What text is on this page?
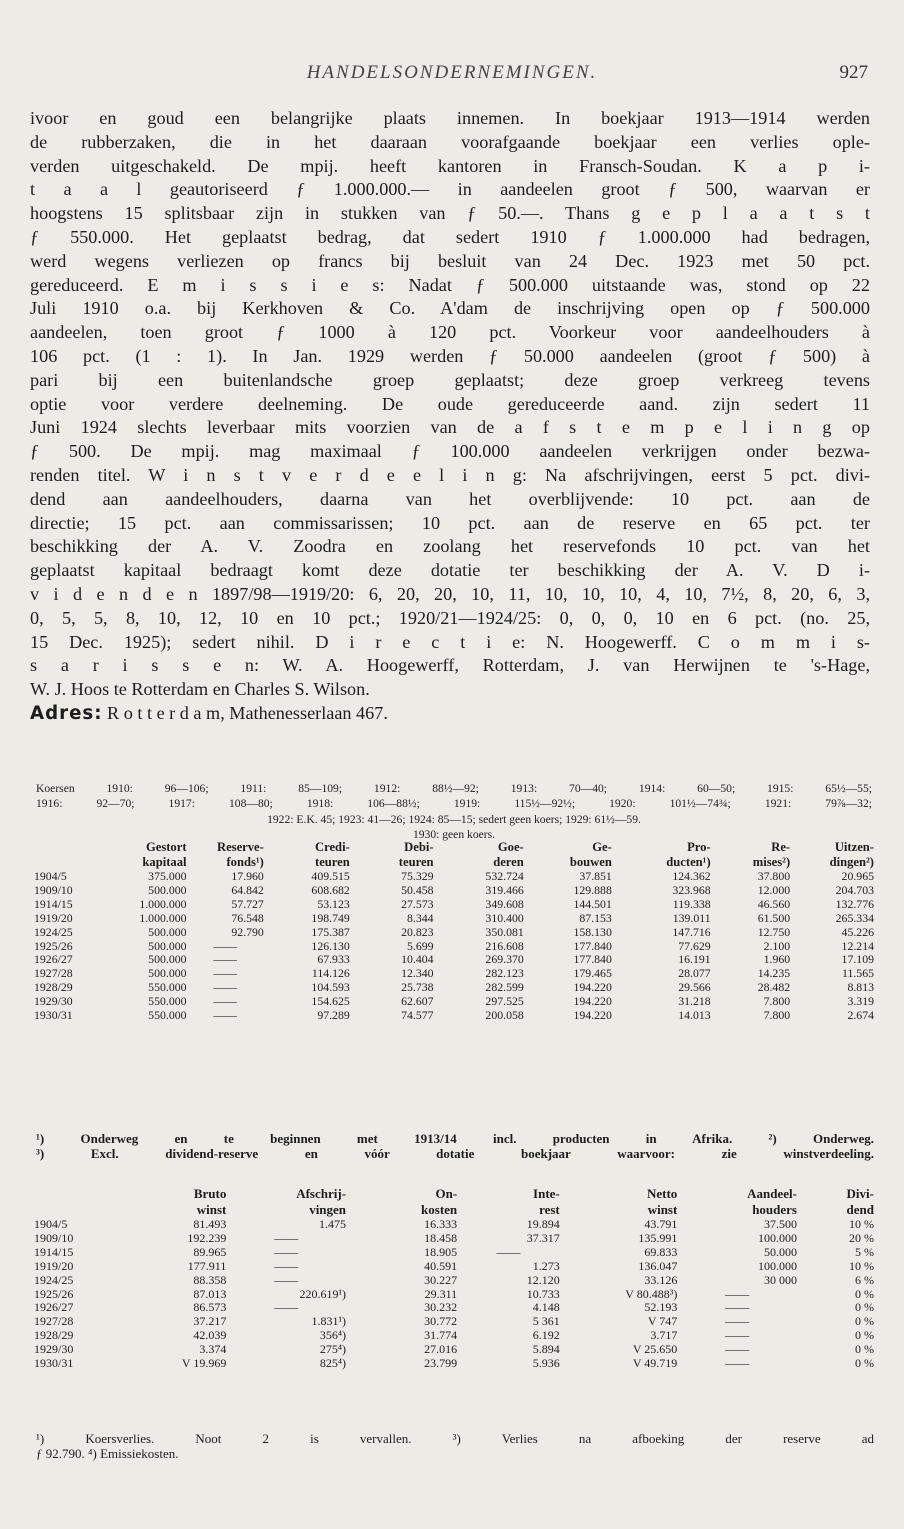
HANDELSONDERNEMINGEN.	927
ivoor en goud een belangrijke plaats innemen. In boekjaar 1913—1914 werden
de rubberzaken, die in het daaraan voorafgaande boekjaar een verlies ople-
verden uitgeschakeld. De mpij. heeft kantoren in Fransch-Soudan. K a p i-
t a a l geautoriseerd ƒ 1.000.000.— in aandeelen groot ƒ 500, waarvan er
hoogstens 15 splitsbaar zijn in stukken van ƒ 50.—. Thans g e p l a a t s t
ƒ 550.000. Het geplaatst bedrag, dat sedert 1910 ƒ 1.000.000 had bedragen,
werd wegens verliezen op francs bij besluit van 24 Dec. 1923 met 50 pct.
gereduceerd. E m i s s i e s: Nadat ƒ 500.000 uitstaande was, stond op 22
Juli 1910 o.a. bij Kerkhoven & Co. A'dam de inschrijving open op ƒ 500.000
aandeelen, toen groot ƒ 1000 à 120 pct. Voorkeur voor aandeelhouders à
106 pct. (1 : 1). In Jan. 1929 werden ƒ 50.000 aandeelen (groot ƒ 500) à
pari bij een buitenlandsche groep geplaatst; deze groep verkreeg tevens
optie voor verdere deelneming. De oude gereduceerde aand. zijn sedert 11
Juni 1924 slechts leverbaar mits voorzien van de a f s t e m p e l i n g op
ƒ 500. De mpij. mag maximaal ƒ 100.000 aandeelen verkrijgen onder bezwa-
renden titel. W i n s t v e r d e e l i n g: Na afschrijvingen, eerst 5 pct. divi-
dend aan aandeelhouders, daarna van het overblijvende: 10 pct. aan de
directie; 15 pct. aan commissarissen; 10 pct. aan de reserve en 65 pct. ter
beschikking der A. V. Zoodra en zoolang het reservefonds 10 pct. van het
geplaatst kapitaal bedraagt komt deze dotatie ter beschikking der A. V. D i-
v i d e n d e n 1897/98—1919/20: 6, 20, 20, 10, 11, 10, 10, 10, 4, 10, 7½, 8, 20, 6, 3,
0, 5, 5, 8, 10, 12, 10 en 10 pct.; 1920/21—1924/25: 0, 0, 0, 10 en 6 pct. (no. 25,
15 Dec. 1925); sedert nihil. D i r e c t i e: N. Hoogewerff. C o m m i s-
s a r i s s e n: W. A. Hoogewerff, Rotterdam, J. van Herwijnen te 's-Hage,
W. J. Hoos te Rotterdam en Charles S. Wilson.
Adres: R o t t e r d a m, Mathenesserlaan 467.
Koersen 1910: 96—106; 1911: 85—109; 1912: 88½—92; 1913: 70—40; 1914: 60—50; 1915: 65½—55;
1916: 92—70; 1917: 108—80; 1918: 106—88½; 1919: 115½—92½; 1920: 101½—74¾; 1921: 79⅞—32;
1922: E.K. 45; 1923: 41—26; 1924: 85—15; sedert geen koers; 1929: 61½—59.
1930: geen koers.
	Gestort	Reserve-	Credi-	Debi-	Goe-	Ge-	Pro-	Re-	Uitzen-
	kapitaal	fonds¹)	teuren	teuren	deren	bouwen	ducten¹)	mises²)	dingen²)
1904/5	375.000	17.960	409.515	75.329	532.724	37.851	124.362	37.800	20.965
1909/10	500.000	64.842	608.682	50.458	319.466	129.888	323.968	12.000	204.703
1914/15	1.000.000	57.727	53.123	27.573	349.608	144.501	119.338	46.560	132.776
1919/20	1.000.000	76.548	198.749	8.344	310.400	87.153	139.011	61.500	265.334
1924/25	500.000	92.790	175.387	20.823	350.081	158.130	147.716	12.750	45.226
1925/26	500.000	——	126.130	5.699	216.608	177.840	77.629	2.100	12.214
1926/27	500.000	——	67.933	10.404	269.370	177.840	16.191	1.960	17.109
1927/28	500.000	——	114.126	12.340	282.123	179.465	28.077	14.235	11.565
1928/29	550.000	——	104.593	25.738	282.599	194.220	29.566	28.482	8.813
1929/30	550.000	——	154.625	62.607	297.525	194.220	31.218	7.800	3.319
1930/31	550.000	——	97.289	74.577	200.058	194.220	14.013	7.800	2.674
¹) Onderweg en te beginnen met 1913/14 incl. producten in Afrika. ²) Onderweg.
³) Excl. dividend-reserve en vóór dotatie boekjaar waarvoor: zie winstverdeeling.
	Bruto	Afschrij-	On-	Inte-	Netto	Aandeel-	Divi-
	winst	vingen	kosten	rest	winst	houders	dend
1904/5	81.493	1.475	16.333	19.894	43.791	37.500	10 %
1909/10	192.239	——	18.458	37.317	135.991	100.000	20 %
1914/15	89.965	——	18.905	——	69.833	50.000	5 %
1919/20	177.911	——	40.591	1.273	136.047	100.000	10 %
1924/25	88.358	——	30.227	12.120	33.126	30 000	6 %
1925/26	87.013	220.619¹)	29.311	10.733	V 80.488³)	——	0 %
1926/27	86.573	——	30.232	4.148	52.193	——	0 %
1927/28	37.217	1.831¹)	30.772	5 361	V 747	——	0 %
1928/29	42.039	356⁴)	31.774	6.192	3.717	——	0 %
1929/30	3.374	275⁴)	27.016	5.894	V 25.650	——	0 %
1930/31	V 19.969	825⁴)	23.799	5.936	V 49.719	——	0 %
¹) Koersverlies. Noot 2 is vervallen. ³) Verlies na afboeking der reserve ad
ƒ 92.790. ⁴) Emissiekosten.
